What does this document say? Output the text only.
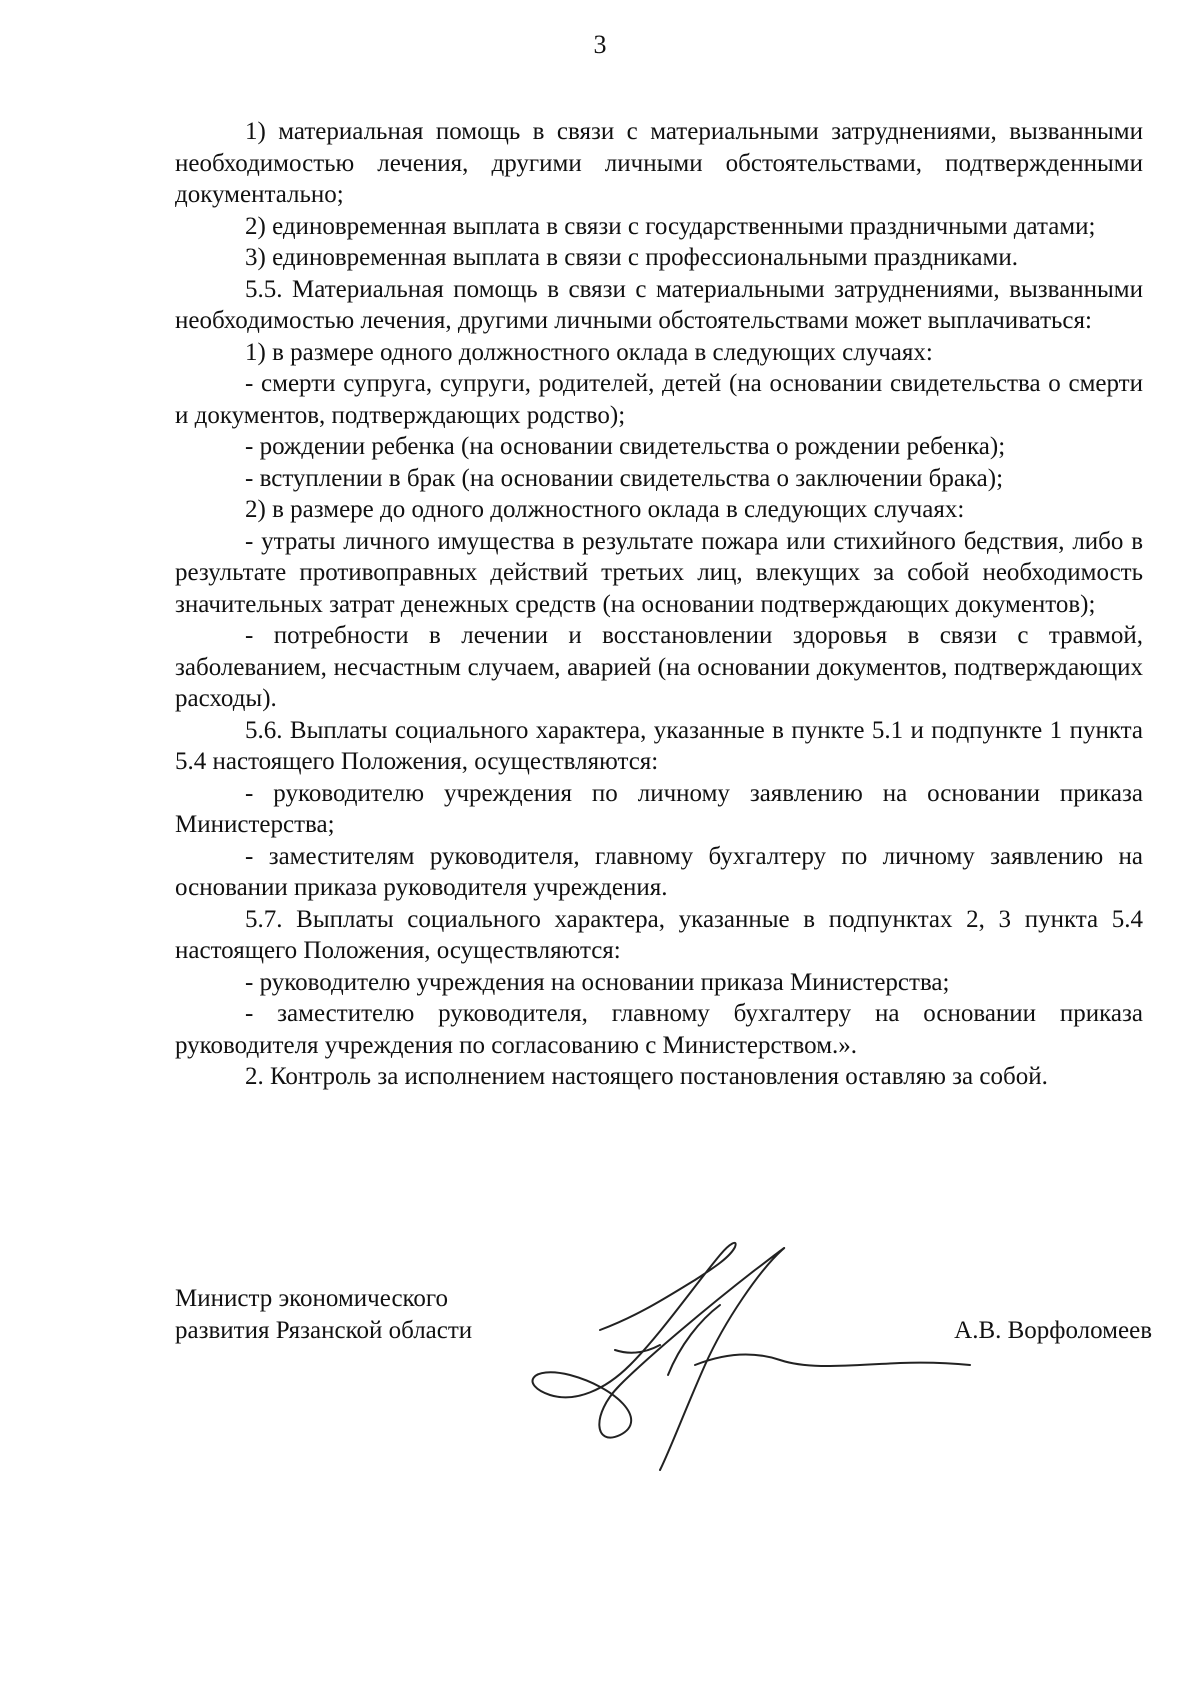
3

1) материальная помощь в связи с материальными затруднениями, вызванными необходимостью лечения, другими личными обстоятельствами, подтвержденными документально;

2) единовременная выплата в связи с государственными праздничными датами;

3) единовременная выплата в связи с профессиональными праздниками.

5.5. Материальная помощь в связи с материальными затруднениями, вызванными необходимостью лечения, другими личными обстоятельствами может выплачиваться:

1) в размере одного должностного оклада в следующих случаях:

- смерти супруга, супруги, родителей, детей (на основании свидетельства о смерти и документов, подтверждающих родство);

- рождении ребенка (на основании свидетельства о рождении ребенка);

- вступлении в брак (на основании свидетельства о заключении брака);

2) в размере до одного должностного оклада в следующих случаях:

- утраты личного имущества в результате пожара или стихийного бедствия, либо в результате противоправных действий третьих лиц, влекущих за собой необходимость значительных затрат денежных средств (на основании подтверждающих документов);

- потребности в лечении и восстановлении здоровья в связи с травмой, заболеванием, несчастным случаем, аварией (на основании документов, подтверждающих расходы).

5.6. Выплаты социального характера, указанные в пункте 5.1 и подпункте 1 пункта 5.4 настоящего Положения, осуществляются:

- руководителю учреждения по личному заявлению на основании приказа Министерства;

- заместителям руководителя, главному бухгалтеру по личному заявлению на основании приказа руководителя учреждения.

5.7. Выплаты социального характера, указанные в подпунктах 2, 3 пункта 5.4 настоящего Положения, осуществляются:

- руководителю учреждения на основании приказа Министерства;

- заместителю руководителя, главному бухгалтеру на основании приказа руководителя учреждения по согласованию с Министерством.».

2. Контроль за исполнением настоящего постановления оставляю за собой.

Министр экономического
развития Рязанской области	А.В. Ворфоломеев
